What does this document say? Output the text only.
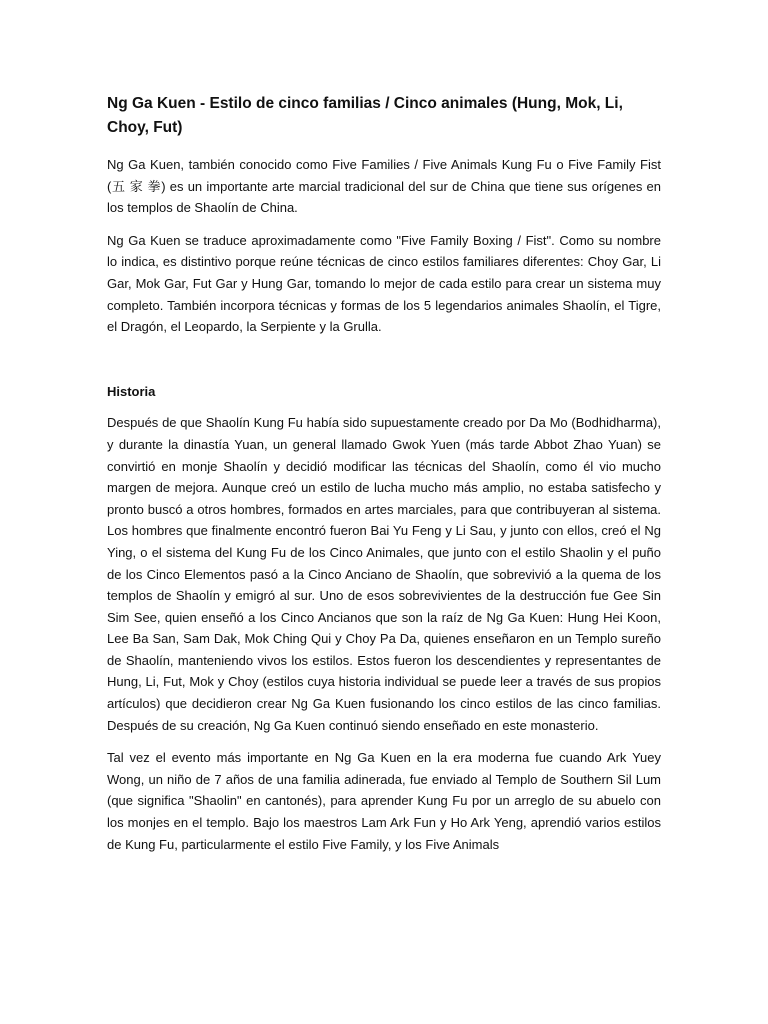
Ng Ga Kuen - Estilo de cinco familias / Cinco animales (Hung, Mok, Li, Choy, Fut)

Ng Ga Kuen, también conocido como Five Families / Five Animals Kung Fu o Five Family Fist (五 家 拳) es un importante arte marcial tradicional del sur de China que tiene sus orígenes en los templos de Shaolín de China.

Ng Ga Kuen se traduce aproximadamente como "Five Family Boxing / Fist". Como su nombre lo indica, es distintivo porque reúne técnicas de cinco estilos familiares diferentes: Choy Gar, Li Gar, Mok Gar, Fut Gar y Hung Gar, tomando lo mejor de cada estilo para crear un sistema muy completo. También incorpora técnicas y formas de los 5 legendarios animales Shaolín, el Tigre, el Dragón, el Leopardo, la Serpiente y la Grulla.

Historia

Después de que Shaolín Kung Fu había sido supuestamente creado por Da Mo (Bodhidharma), y durante la dinastía Yuan, un general llamado Gwok Yuen (más tarde Abbot Zhao Yuan) se convirtió en monje Shaolín y decidió modificar las técnicas del Shaolín, como él vio mucho margen de mejora. Aunque creó un estilo de lucha mucho más amplio, no estaba satisfecho y pronto buscó a otros hombres, formados en artes marciales, para que contribuyeran al sistema. Los hombres que finalmente encontró fueron Bai Yu Feng y Li Sau, y junto con ellos, creó el Ng Ying, o el sistema del Kung Fu de los Cinco Animales, que junto con el estilo Shaolin y el puño de los Cinco Elementos pasó a la Cinco Anciano de Shaolín, que sobrevivió a la quema de los templos de Shaolín y emigró al sur. Uno de esos sobrevivientes de la destrucción fue Gee Sin Sim See, quien enseñó a los Cinco Ancianos que son la raíz de Ng Ga Kuen: Hung Hei Koon, Lee Ba San, Sam Dak, Mok Ching Qui y Choy Pa Da, quienes enseñaron en un Templo sureño de Shaolín, manteniendo vivos los estilos. Estos fueron los descendientes y representantes de Hung, Li, Fut, Mok y Choy (estilos cuya historia individual se puede leer a través de sus propios artículos) que decidieron crear Ng Ga Kuen fusionando los cinco estilos de las cinco familias. Después de su creación, Ng Ga Kuen continuó siendo enseñado en este monasterio.

Tal vez el evento más importante en Ng Ga Kuen en la era moderna fue cuando Ark Yuey Wong, un niño de 7 años de una familia adinerada, fue enviado al Templo de Southern Sil Lum (que significa "Shaolin" en cantonés), para aprender Kung Fu por un arreglo de su abuelo con los monjes en el templo. Bajo los maestros Lam Ark Fun y Ho Ark Yeng, aprendió varios estilos de Kung Fu, particularmente el estilo Five Family, y los Five Animals
